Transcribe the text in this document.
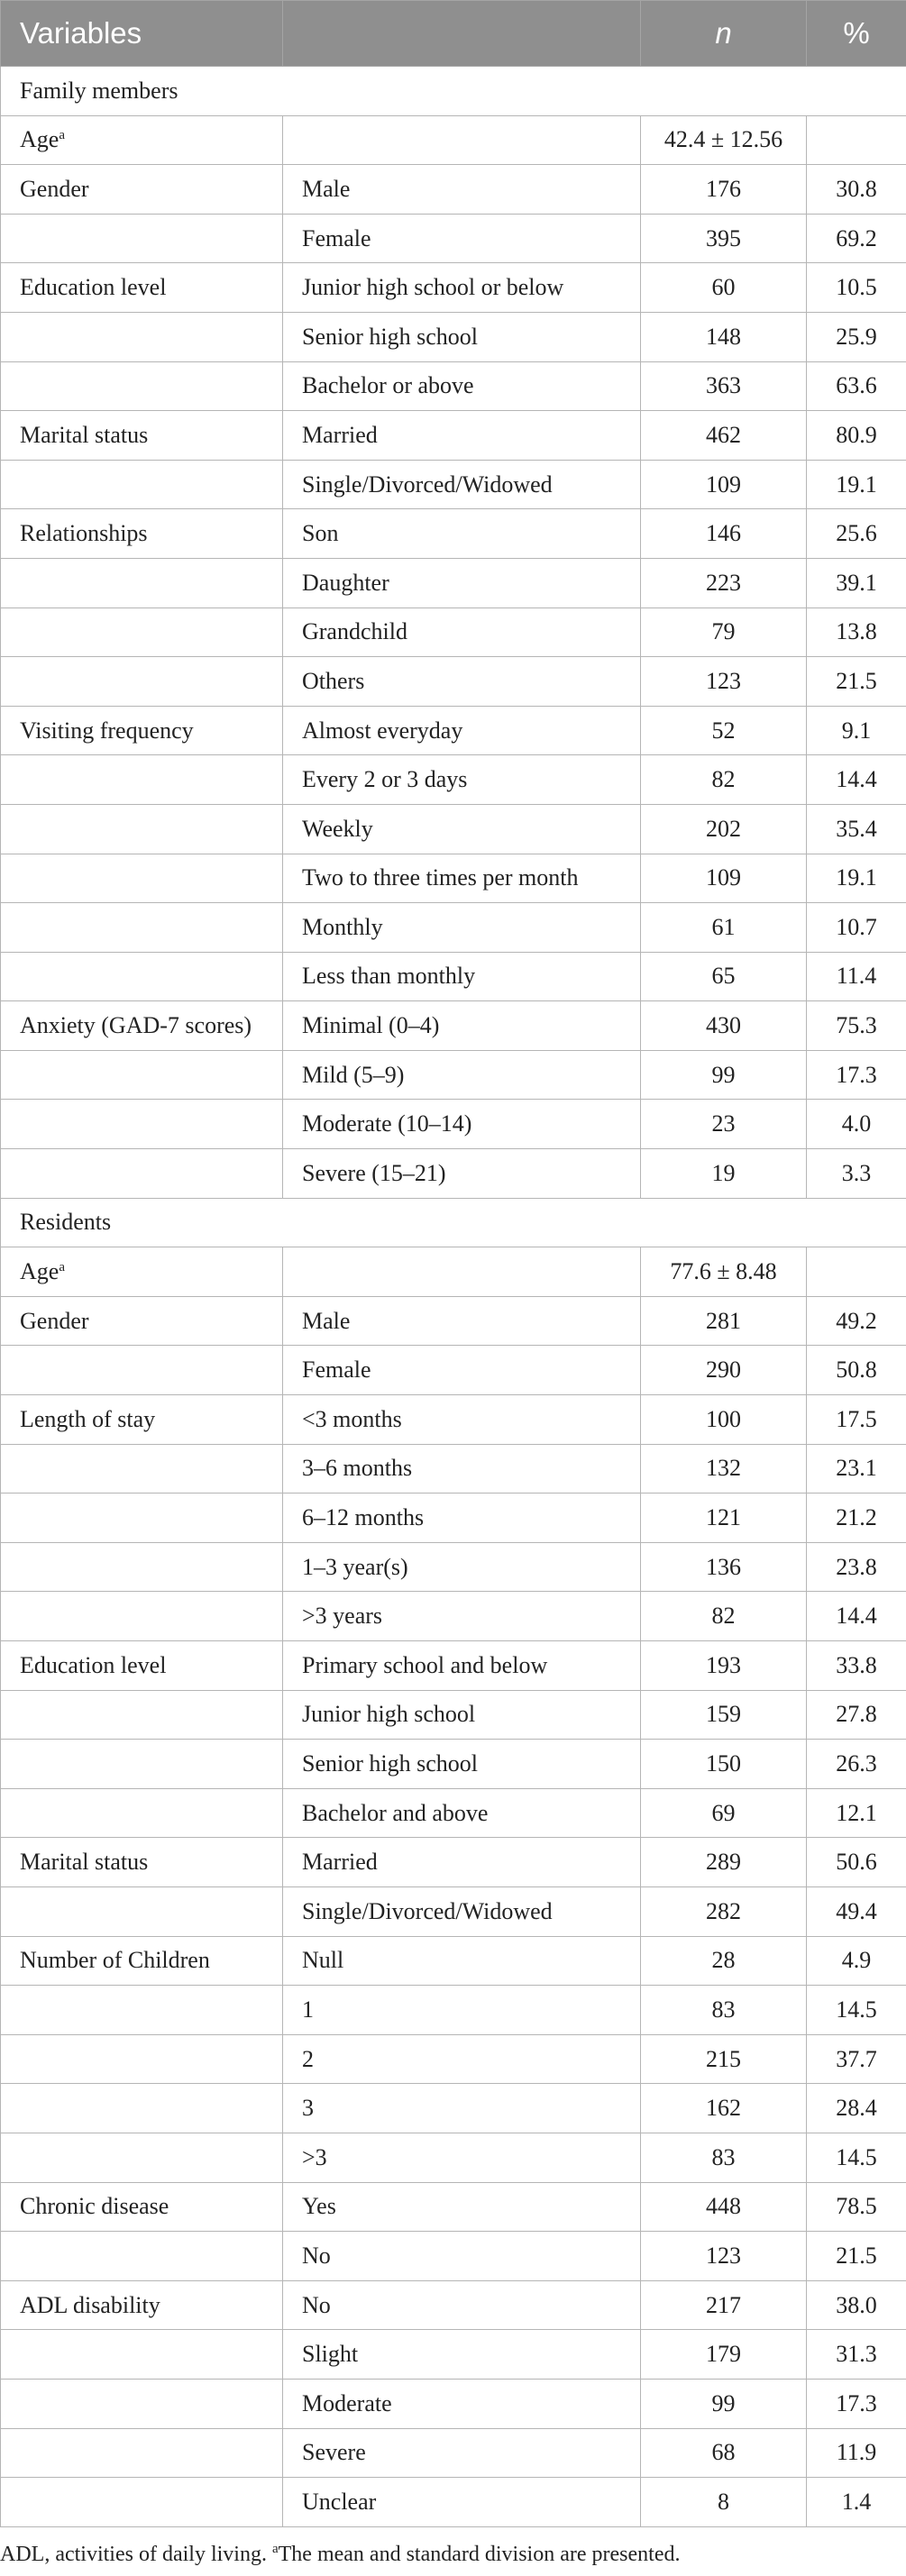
Variables		n	%
Family members			
Age$^a$		42.4 ± 12.56	
Gender	Male	176	30.8
	Female	395	69.2
Education level	Junior high school or below	60	10.5
	Senior high school	148	25.9
	Bachelor or above	363	63.6
Marital status	Married	462	80.9
	Single/Divorced/Widowed	109	19.1
Relationships	Son	146	25.6
	Daughter	223	39.1
	Grandchild	79	13.8
	Others	123	21.5
Visiting frequency	Almost everyday	52	9.1
	Every 2 or 3 days	82	14.4
	Weekly	202	35.4
	Two to three times per month	109	19.1
	Monthly	61	10.7
	Less than monthly	65	11.4
Anxiety (GAD-7 scores)	Minimal (0–4)	430	75.3
	Mild (5–9)	99	17.3
	Moderate (10–14)	23	4.0
	Severe (15–21)	19	3.3
Residents			
Age$^a$		77.6 ± 8.48	
Gender	Male	281	49.2
	Female	290	50.8
Length of stay	<3 months	100	17.5
	3–6 months	132	23.1
	6–12 months	121	21.2
	1–3 year(s)	136	23.8
	>3 years	82	14.4
Education level	Primary school and below	193	33.8
	Junior high school	159	27.8
	Senior high school	150	26.3
	Bachelor and above	69	12.1
Marital status	Married	289	50.6
	Single/Divorced/Widowed	282	49.4
Number of Children	Null	28	4.9
	1	83	14.5
	2	215	37.7
	3	162	28.4
	>3	83	14.5
Chronic disease	Yes	448	78.5
	No	123	21.5
ADL disability	No	217	38.0
	Slight	179	31.3
	Moderate	99	17.3
	Severe	68	11.9
	Unclear	8	1.4
ADL, activities of daily living. $^a$The mean and standard division are presented.
